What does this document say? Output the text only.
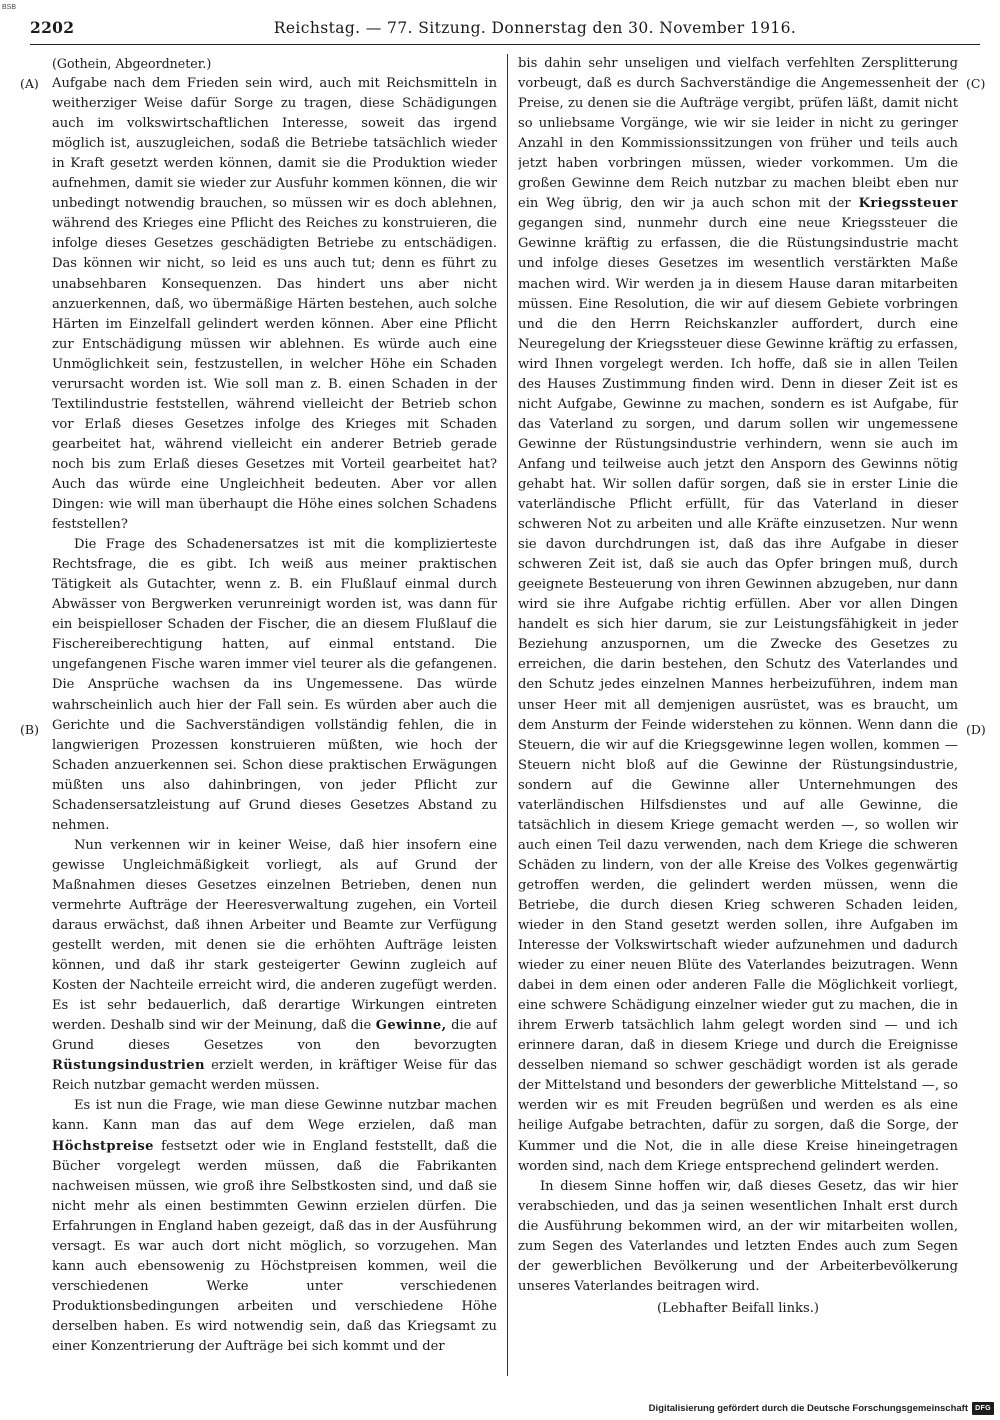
BSB
2202	Reichstag. — 77. Sitzung. Donnerstag den 30. November 1916.
(A)
(B)
(C)
(D)

(Gothein, Abgeordneter.)

Aufgabe nach dem Frieden sein wird, auch mit Reichsmitteln in weitherziger Weise dafür Sorge zu tragen, diese Schädigungen auch im volkswirtschaftlichen Interesse, soweit das irgend möglich ist, auszugleichen, sodaß die Betriebe tatsächlich wieder in Kraft gesetzt werden können, damit sie die Produktion wieder aufnehmen, damit sie wieder zur Ausfuhr kommen können, die wir unbedingt notwendig brauchen, so müssen wir es doch ablehnen, während des Krieges eine Pflicht des Reiches zu konstruieren, die infolge dieses Gesetzes geschädigten Betriebe zu entschädigen. Das können wir nicht, so leid es uns auch tut; denn es führt zu unabsehbaren Konsequenzen. Das hindert uns aber nicht anzuerkennen, daß, wo übermäßige Härten bestehen, auch solche Härten im Einzelfall gelindert werden können. Aber eine Pflicht zur Entschädigung müssen wir ablehnen. Es würde auch eine Unmöglichkeit sein, festzustellen, in welcher Höhe ein Schaden verursacht worden ist. Wie soll man z. B. einen Schaden in der Textilindustrie feststellen, während vielleicht der Betrieb schon vor Erlaß dieses Gesetzes infolge des Krieges mit Schaden gearbeitet hat, während vielleicht ein anderer Betrieb gerade noch bis zum Erlaß dieses Gesetzes mit Vorteil gearbeitet hat? Auch das würde eine Ungleichheit bedeuten. Aber vor allen Dingen: wie will man überhaupt die Höhe eines solchen Schadens feststellen?

Die Frage des Schadenersatzes ist mit die komplizierteste Rechtsfrage, die es gibt. Ich weiß aus meiner praktischen Tätigkeit als Gutachter, wenn z. B. ein Flußlauf einmal durch Abwässer von Bergwerken verunreinigt worden ist, was dann für ein beispielloser Schaden der Fischer, die an diesem Flußlauf die Fischereiberechtigung hatten, auf einmal entstand. Die ungefangenen Fische waren immer viel teurer als die gefangenen. Die Ansprüche wachsen da ins Ungemessene. Das würde wahrscheinlich auch hier der Fall sein. Es würden aber auch die Gerichte und die Sachverständigen vollständig fehlen, die in langwierigen Prozessen konstruieren müßten, wie hoch der Schaden anzuerkennen sei. Schon diese praktischen Erwägungen müßten uns also dahinbringen, von jeder Pflicht zur Schadensersatzleistung auf Grund dieses Gesetzes Abstand zu nehmen.

Nun verkennen wir in keiner Weise, daß hier insofern eine gewisse Ungleichmäßigkeit vorliegt, als auf Grund der Maßnahmen dieses Gesetzes einzelnen Betrieben, denen nun vermehrte Aufträge der Heeresverwaltung zugehen, ein Vorteil daraus erwächst, daß ihnen Arbeiter und Beamte zur Verfügung gestellt werden, mit denen sie die erhöhten Aufträge leisten können, und daß ihr stark gesteigerter Gewinn zugleich auf Kosten der Nachteile erreicht wird, die anderen zugefügt werden. Es ist sehr bedauerlich, daß derartige Wirkungen eintreten werden. Deshalb sind wir der Meinung, daß die Gewinne, die auf Grund dieses Gesetzes von den bevorzugten Rüstungsindustrien erzielt werden, in kräftiger Weise für das Reich nutzbar gemacht werden müssen.

Es ist nun die Frage, wie man diese Gewinne nutzbar machen kann. Kann man das auf dem Wege erzielen, daß man Höchstpreise festsetzt oder wie in England feststellt, daß die Bücher vorgelegt werden müssen, daß die Fabrikanten nachweisen müssen, wie groß ihre Selbstkosten sind, und daß sie nicht mehr als einen bestimmten Gewinn erzielen dürfen. Die Erfahrungen in England haben gezeigt, daß das in der Ausführung versagt. Es war auch dort nicht möglich, so vorzugehen. Man kann auch ebensowenig zu Höchstpreisen kommen, weil die verschiedenen Werke unter verschiedenen Produktionsbedingungen arbeiten und verschiedene Höhe derselben haben. Es wird notwendig sein, daß das Kriegsamt zu einer Konzentrierung der Aufträge bei sich kommt und der

bis dahin sehr unseligen und vielfach verfehlten Zersplitterung vorbeugt, daß es durch Sachverständige die Angemessenheit der Preise, zu denen sie die Aufträge vergibt, prüfen läßt, damit nicht so unliebsame Vorgänge, wie wir sie leider in nicht zu geringer Anzahl in den Kommissionssitzungen von früher und teils auch jetzt haben vorbringen müssen, wieder vorkommen. Um die großen Gewinne dem Reich nutzbar zu machen bleibt eben nur ein Weg übrig, den wir ja auch schon mit der Kriegssteuer gegangen sind, nunmehr durch eine neue Kriegssteuer die Gewinne kräftig zu erfassen, die die Rüstungsindustrie macht und infolge dieses Gesetzes im wesentlich verstärkten Maße machen wird. Wir werden ja in diesem Hause daran mitarbeiten müssen. Eine Resolution, die wir auf diesem Gebiete vorbringen und die den Herrn Reichskanzler auffordert, durch eine Neuregelung der Kriegssteuer diese Gewinne kräftig zu erfassen, wird Ihnen vorgelegt werden. Ich hoffe, daß sie in allen Teilen des Hauses Zustimmung finden wird. Denn in dieser Zeit ist es nicht Aufgabe, Gewinne zu machen, sondern es ist Aufgabe, für das Vaterland zu sorgen, und darum sollen wir ungemessene Gewinne der Rüstungsindustrie verhindern, wenn sie auch im Anfang und teilweise auch jetzt den Ansporn des Gewinns nötig gehabt hat. Wir sollen dafür sorgen, daß sie in erster Linie die vaterländische Pflicht erfüllt, für das Vaterland in dieser schweren Not zu arbeiten und alle Kräfte einzusetzen. Nur wenn sie davon durchdrungen ist, daß das ihre Aufgabe in dieser schweren Zeit ist, daß sie auch das Opfer bringen muß, durch geeignete Besteuerung von ihren Gewinnen abzugeben, nur dann wird sie ihre Aufgabe richtig erfüllen. Aber vor allen Dingen handelt es sich hier darum, sie zur Leistungsfähigkeit in jeder Beziehung anzuspornen, um die Zwecke des Gesetzes zu erreichen, die darin bestehen, den Schutz des Vaterlandes und den Schutz jedes einzelnen Mannes herbeizuführen, indem man unser Heer mit all demjenigen ausrüstet, was es braucht, um dem Ansturm der Feinde widerstehen zu können. Wenn dann die Steuern, die wir auf die Kriegsgewinne legen wollen, kommen — Steuern nicht bloß auf die Gewinne der Rüstungsindustrie, sondern auf die Gewinne aller Unternehmungen des vaterländischen Hilfsdienstes und auf alle Gewinne, die tatsächlich in diesem Kriege gemacht werden —, so wollen wir auch einen Teil dazu verwenden, nach dem Kriege die schweren Schäden zu lindern, von der alle Kreise des Volkes gegenwärtig getroffen werden, die gelindert werden müssen, wenn die Betriebe, die durch diesen Krieg schweren Schaden leiden, wieder in den Stand gesetzt werden sollen, ihre Aufgaben im Interesse der Volkswirtschaft wieder aufzunehmen und dadurch wieder zu einer neuen Blüte des Vaterlandes beizutragen. Wenn dabei in dem einen oder anderen Falle die Möglichkeit vorliegt, eine schwere Schädigung einzelner wieder gut zu machen, die in ihrem Erwerb tatsächlich lahm gelegt worden sind — und ich erinnere daran, daß in diesem Kriege und durch die Ereignisse desselben niemand so schwer geschädigt worden ist als gerade der Mittelstand und besonders der gewerbliche Mittelstand —, so werden wir es mit Freuden begrüßen und werden es als eine heilige Aufgabe betrachten, dafür zu sorgen, daß die Sorge, der Kummer und die Not, die in alle diese Kreise hineingetragen worden sind, nach dem Kriege entsprechend gelindert werden.

In diesem Sinne hoffen wir, daß dieses Gesetz, das wir hier verabschieden, und das ja seinen wesentlichen Inhalt erst durch die Ausführung bekommen wird, an der wir mitarbeiten wollen, zum Segen des Vaterlandes und letzten Endes auch zum Segen der gewerblichen Bevölkerung und der Arbeiterbevölkerung unseres Vaterlandes beitragen wird.

(Lebhafter Beifall links.)

Digitalisierung gefördert durch die Deutsche Forschungsgemeinschaft	DFG
